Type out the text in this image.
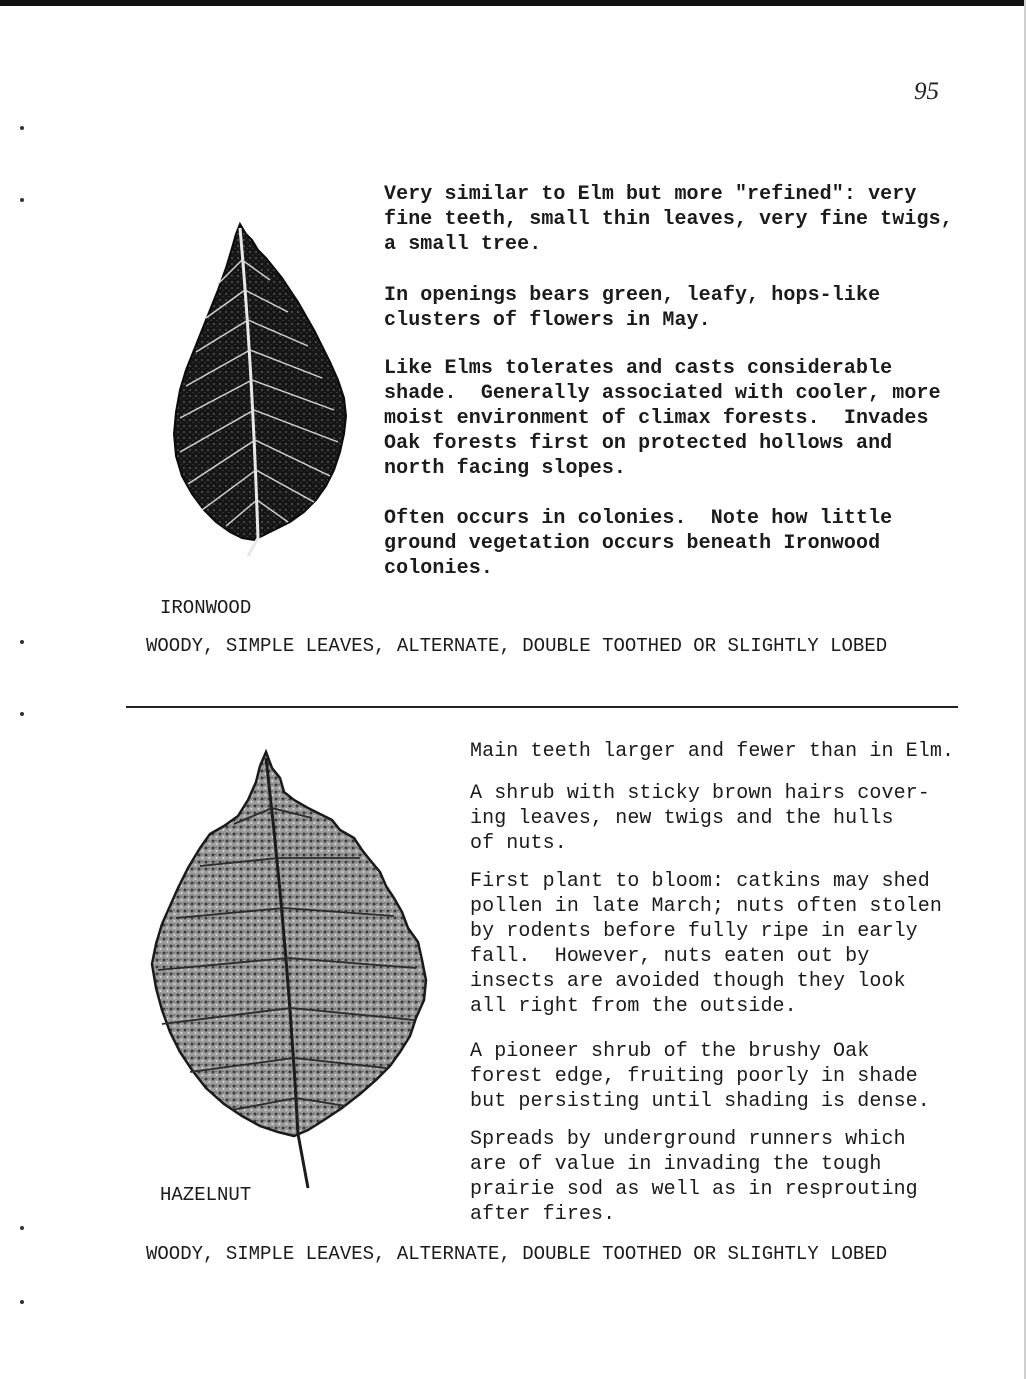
95

Very similar to Elm but more "refined": very
fine teeth, small thin leaves, very fine twigs,
a small tree.

In openings bears green, leafy, hops-like
clusters of flowers in May.

Like Elms tolerates and casts considerable
shade.  Generally associated with cooler, more
moist environment of climax forests.  Invades
Oak forests first on protected hollows and
north facing slopes.

Often occurs in colonies.  Note how little
ground vegetation occurs beneath Ironwood
colonies.

IRONWOOD

WOODY, SIMPLE LEAVES, ALTERNATE, DOUBLE TOOTHED OR SLIGHTLY LOBED

Main teeth larger and fewer than in Elm.

A shrub with sticky brown hairs cover-
ing leaves, new twigs and the hulls
of nuts.

First plant to bloom: catkins may shed
pollen in late March; nuts often stolen
by rodents before fully ripe in early
fall.  However, nuts eaten out by
insects are avoided though they look
all right from the outside.

A pioneer shrub of the brushy Oak
forest edge, fruiting poorly in shade
but persisting until shading is dense.

Spreads by underground runners which
are of value in invading the tough
prairie sod as well as in resprouting
after fires.

HAZELNUT

WOODY, SIMPLE LEAVES, ALTERNATE, DOUBLE TOOTHED OR SLIGHTLY LOBED
